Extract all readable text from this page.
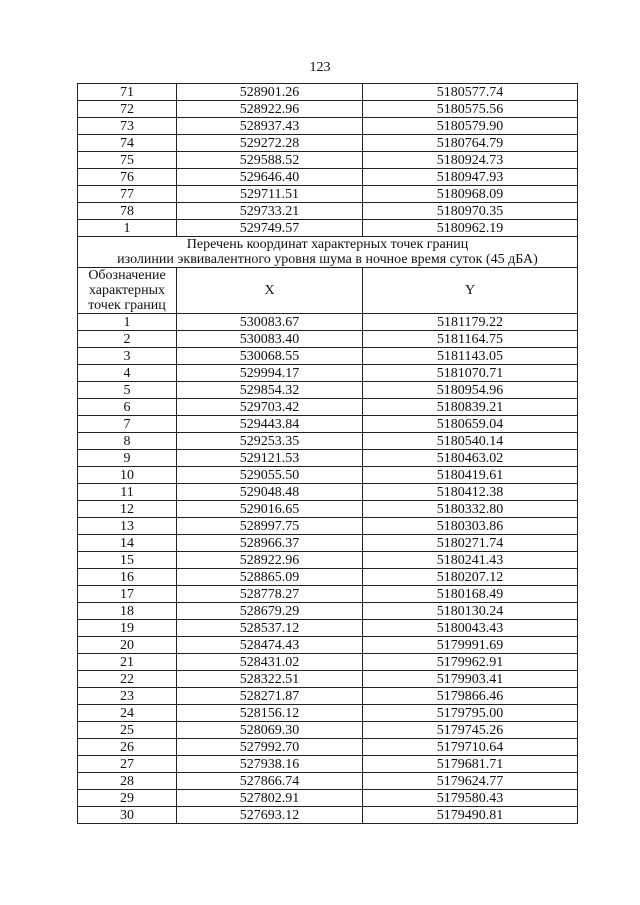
123
71	528901.26	5180577.74
72	528922.96	5180575.56
73	528937.43	5180579.90
74	529272.28	5180764.79
75	529588.52	5180924.73
76	529646.40	5180947.93
77	529711.51	5180968.09
78	529733.21	5180970.35
1	529749.57	5180962.19

Перечень координат характерных точек границ
изолинии эквивалентного уровня шума в ночное время суток (45 дБА)		

Обозначение
характерных
точек границ	X	Y
1	530083.67	5181179.22
2	530083.40	5181164.75
3	530068.55	5181143.05
4	529994.17	5181070.71
5	529854.32	5180954.96
6	529703.42	5180839.21
7	529443.84	5180659.04
8	529253.35	5180540.14
9	529121.53	5180463.02
10	529055.50	5180419.61
11	529048.48	5180412.38
12	529016.65	5180332.80
13	528997.75	5180303.86
14	528966.37	5180271.74
15	528922.96	5180241.43
16	528865.09	5180207.12
17	528778.27	5180168.49
18	528679.29	5180130.24
19	528537.12	5180043.43
20	528474.43	5179991.69
21	528431.02	5179962.91
22	528322.51	5179903.41
23	528271.87	5179866.46
24	528156.12	5179795.00
25	528069.30	5179745.26
26	527992.70	5179710.64
27	527938.16	5179681.71
28	527866.74	5179624.77
29	527802.91	5179580.43
30	527693.12	5179490.81
